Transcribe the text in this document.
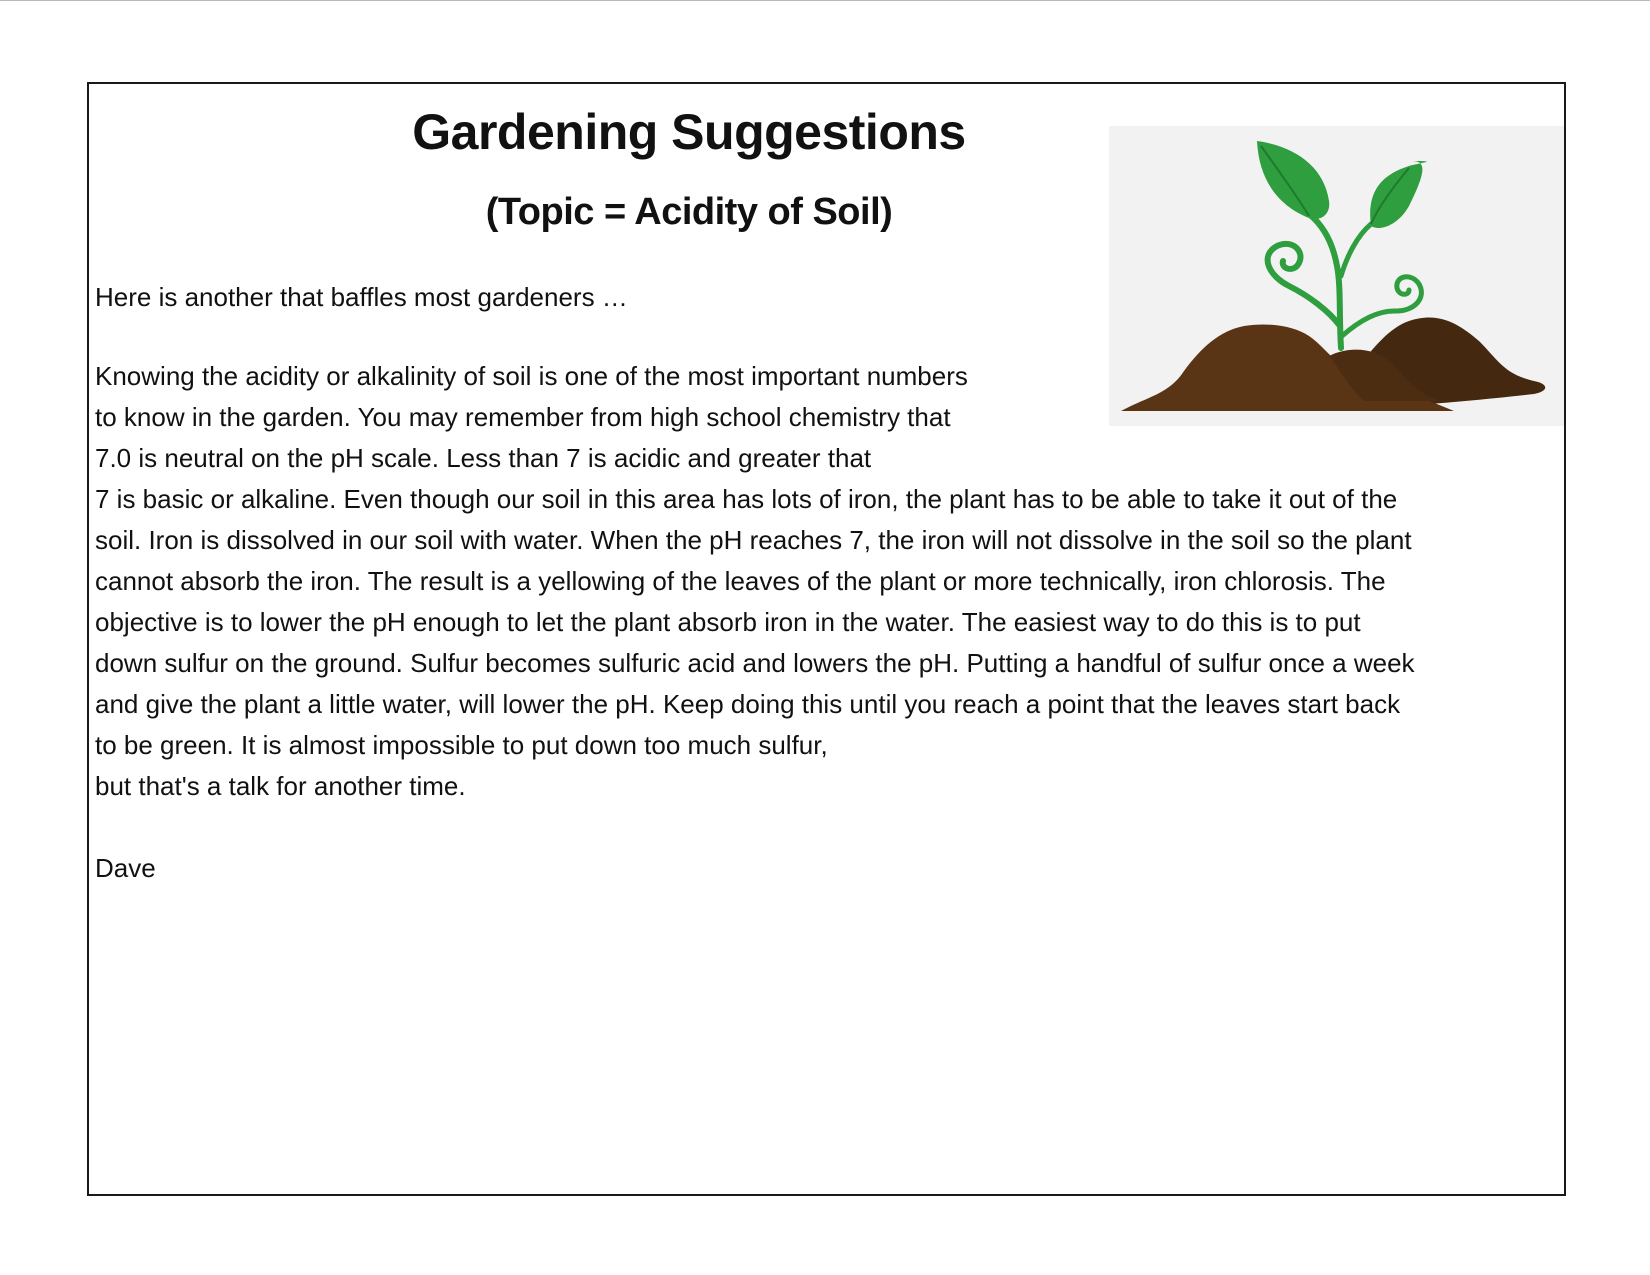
Gardening Suggestions
(Topic = Acidity of Soil)

Here is another that baffles most gardeners …

Knowing the acidity or alkalinity of soil is one of the most important numbers

to know in the garden. You may remember from high school chemistry that

7.0 is neutral on the pH scale. Less than 7 is acidic and greater that

7 is basic or alkaline. Even though our soil in this area has lots of iron, the plant has to be able to take it out of the

soil. Iron is dissolved in our soil with water. When the pH reaches 7, the iron will not dissolve in the soil so the plant

cannot absorb the iron. The result is a yellowing of the leaves of the plant or more technically, iron chlorosis. The

objective is to lower the pH enough to let the plant absorb iron in the water. The easiest way to do this is to put

down sulfur on the ground. Sulfur becomes sulfuric acid and lowers the pH. Putting a handful of sulfur once a week

and give the plant a little water, will lower the pH. Keep doing this until you reach a point that the leaves start back

to be green. It is almost impossible to put down too much sulfur,

but that's a talk for another time.

Dave
